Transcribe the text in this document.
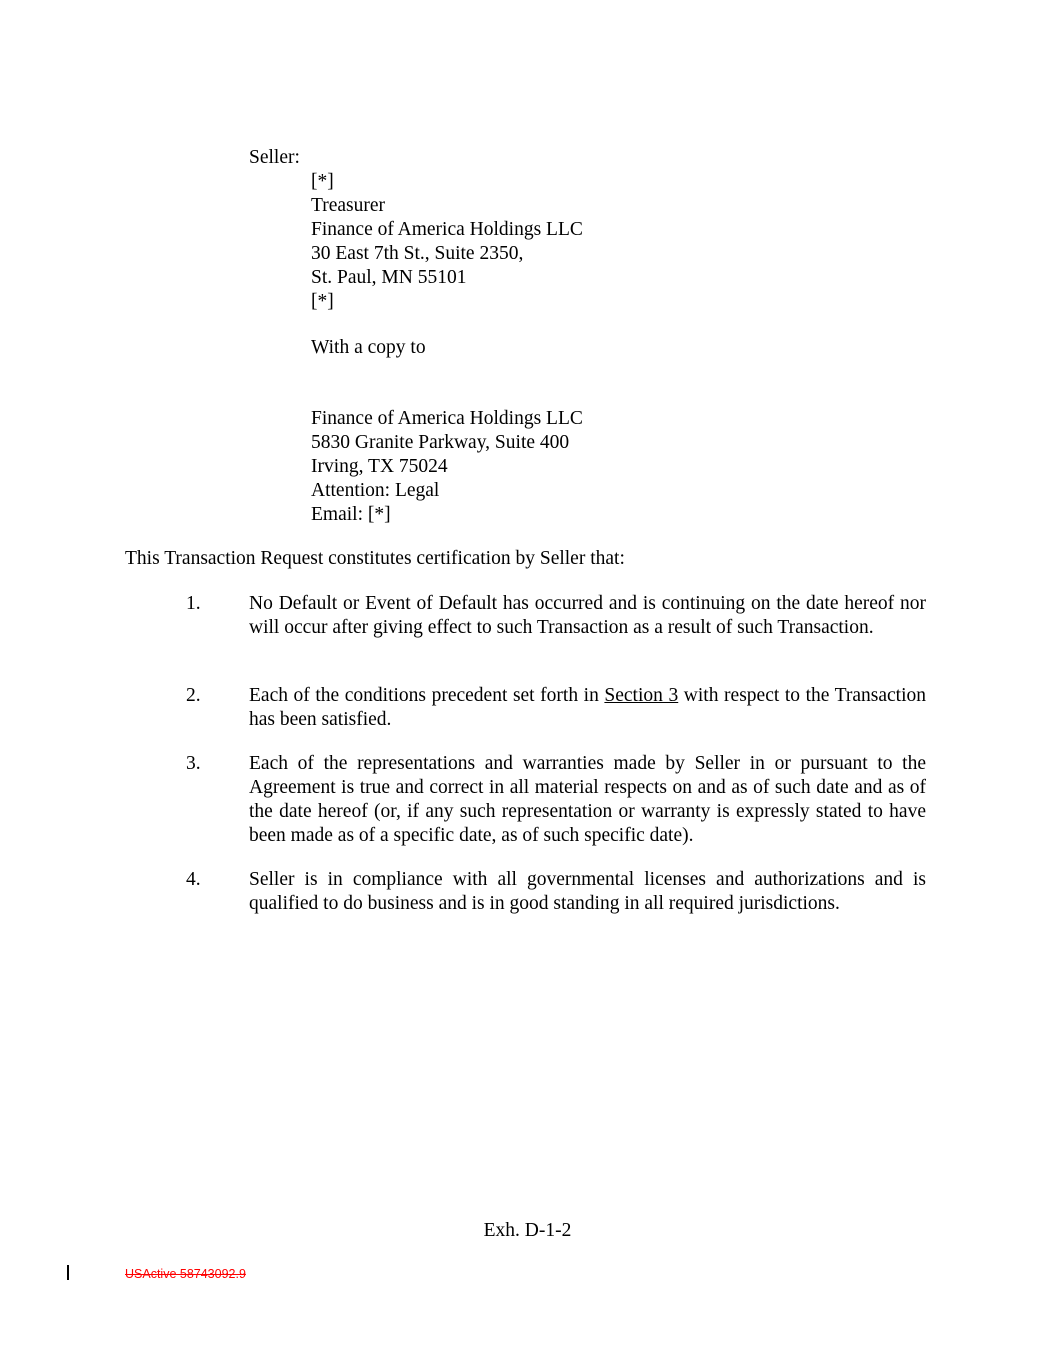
Seller:
[*]
Treasurer
Finance of America Holdings LLC
30 East 7th St., Suite 2350,
St. Paul, MN 55101
[*]
With a copy to
Finance of America Holdings LLC
5830 Granite Parkway, Suite 400
Irving, TX 75024
Attention: Legal
Email: [*]
This Transaction Request constitutes certification by Seller that:
1.	No Default or Event of Default has occurred and is continuing on the date hereof nor will occur after giving effect to such Transaction as a result of such Transaction.
2.	Each of the conditions precedent set forth in Section 3 with respect to the Transaction has been satisfied.
3.	Each of the representations and warranties made by Seller in or pursuant to the Agreement is true and correct in all material respects on and as of such date and as of the date hereof (or, if any such representation or warranty is expressly stated to have been made as of a specific date, as of such specific date).
4.	Seller is in compliance with all governmental licenses and authorizations and is qualified to do business and is in good standing in all required jurisdictions.
Exh. D-1-2
USActive 58743092.9
